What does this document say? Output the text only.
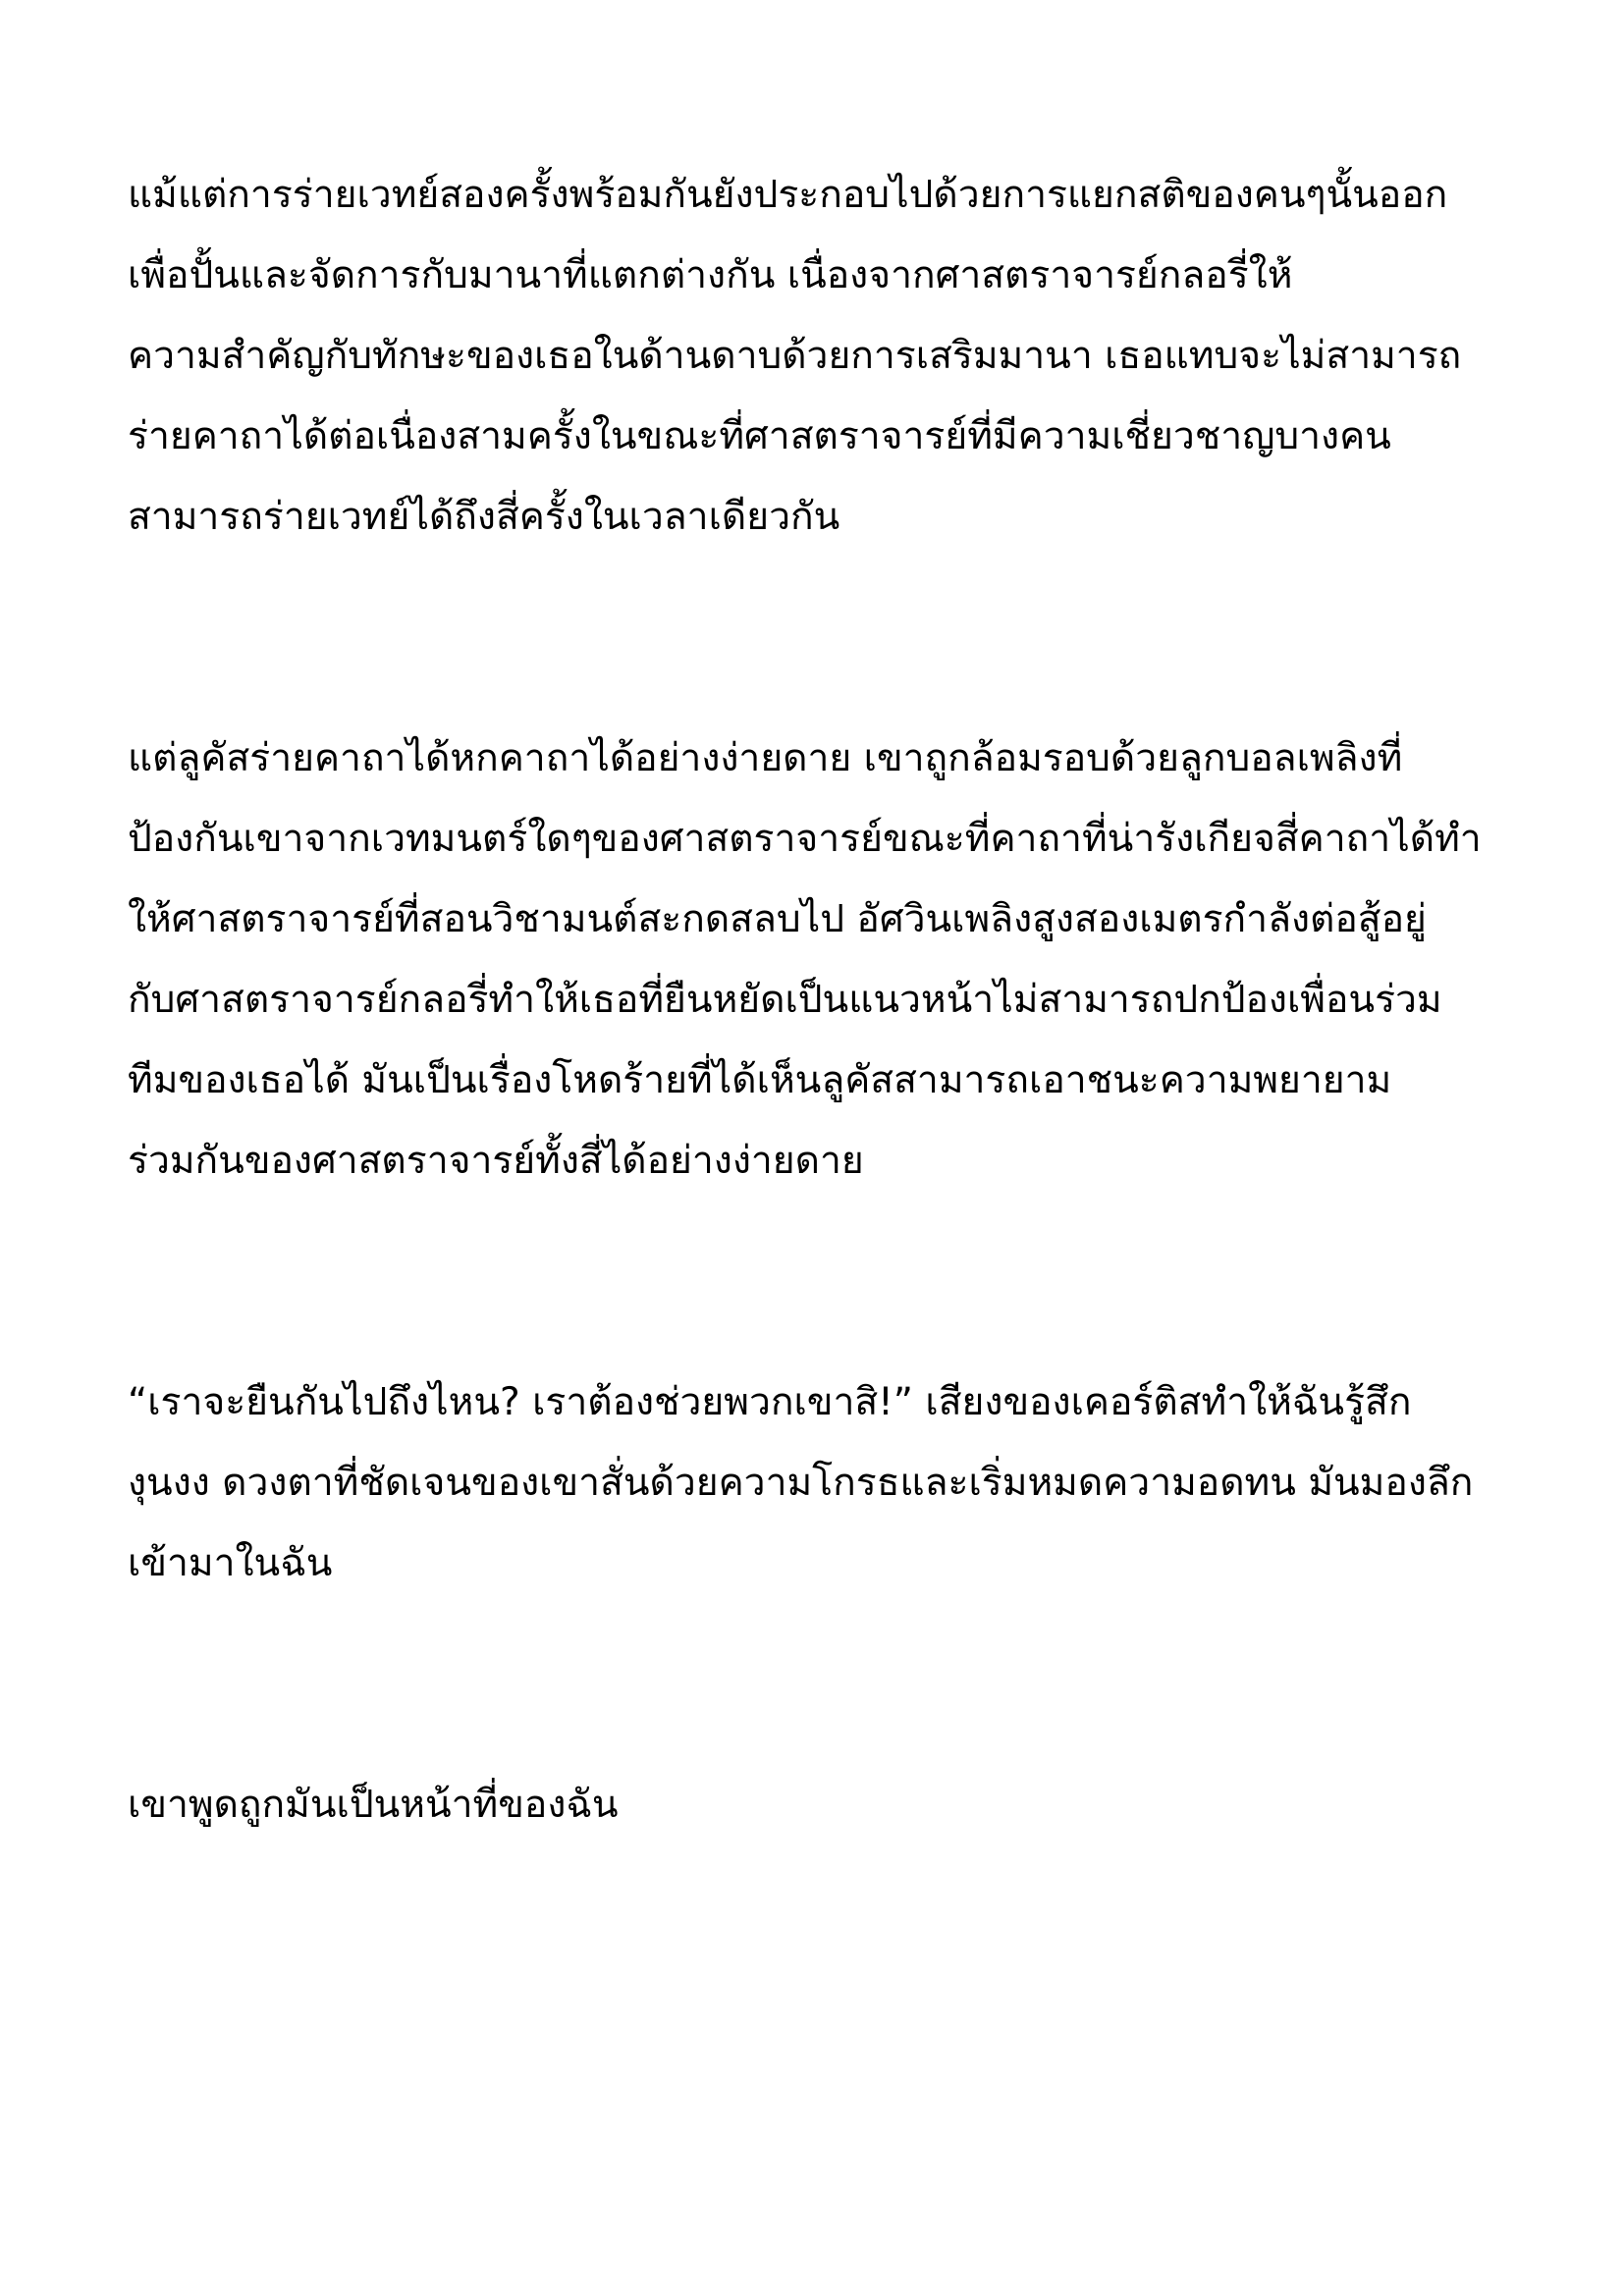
แม้แต่การร่ายเวทย์สองครั้งพร้อมกันยังประกอบไปด้วยการแยกสติของคนๆนั้นออก
เพื่อปั้นและจัดการกับมานาที่แตกต่างกัน เนื่องจากศาสตราจารย์กลอรี่ให้
ความสำคัญกับทักษะของเธอในด้านดาบด้วยการเสริมมานา เธอแทบจะไม่สามารถ
ร่ายคาถาได้ต่อเนื่องสามครั้งในขณะที่ศาสตราจารย์ที่มีความเชี่ยวชาญบางคน
สามารถร่ายเวทย์ได้ถึงสี่ครั้งในเวลาเดียวกัน
แต่ลูคัสร่ายคาถาได้หกคาถาได้อย่างง่ายดาย เขาถูกล้อมรอบด้วยลูกบอลเพลิงที่
ป้องกันเขาจากเวทมนตร์ใดๆของศาสตราจารย์ขณะที่คาถาที่น่ารังเกียจสี่คาถาได้ทำ
ให้ศาสตราจารย์ที่สอนวิชามนต์สะกดสลบไป อัศวินเพลิงสูงสองเมตรกำลังต่อสู้อยู่
กับศาสตราจารย์กลอรี่ทำให้เธอที่ยืนหยัดเป็นแนวหน้าไม่สามารถปกป้องเพื่อนร่วม
ทีมของเธอได้ มันเป็นเรื่องโหดร้ายที่ได้เห็นลูคัสสามารถเอาชนะความพยายาม
ร่วมกันของศาสตราจารย์ทั้งสี่ได้อย่างง่ายดาย
“เราจะยืนกันไปถึงไหน? เราต้องช่วยพวกเขาสิ!” เสียงของเคอร์ติสทำให้ฉันรู้สึก
งุนงง ดวงตาที่ชัดเจนของเขาสั่นด้วยความโกรธและเริ่มหมดความอดทน มันมองลึก
เข้ามาในฉัน
เขาพูดถูกมันเป็นหน้าที่ของฉัน
